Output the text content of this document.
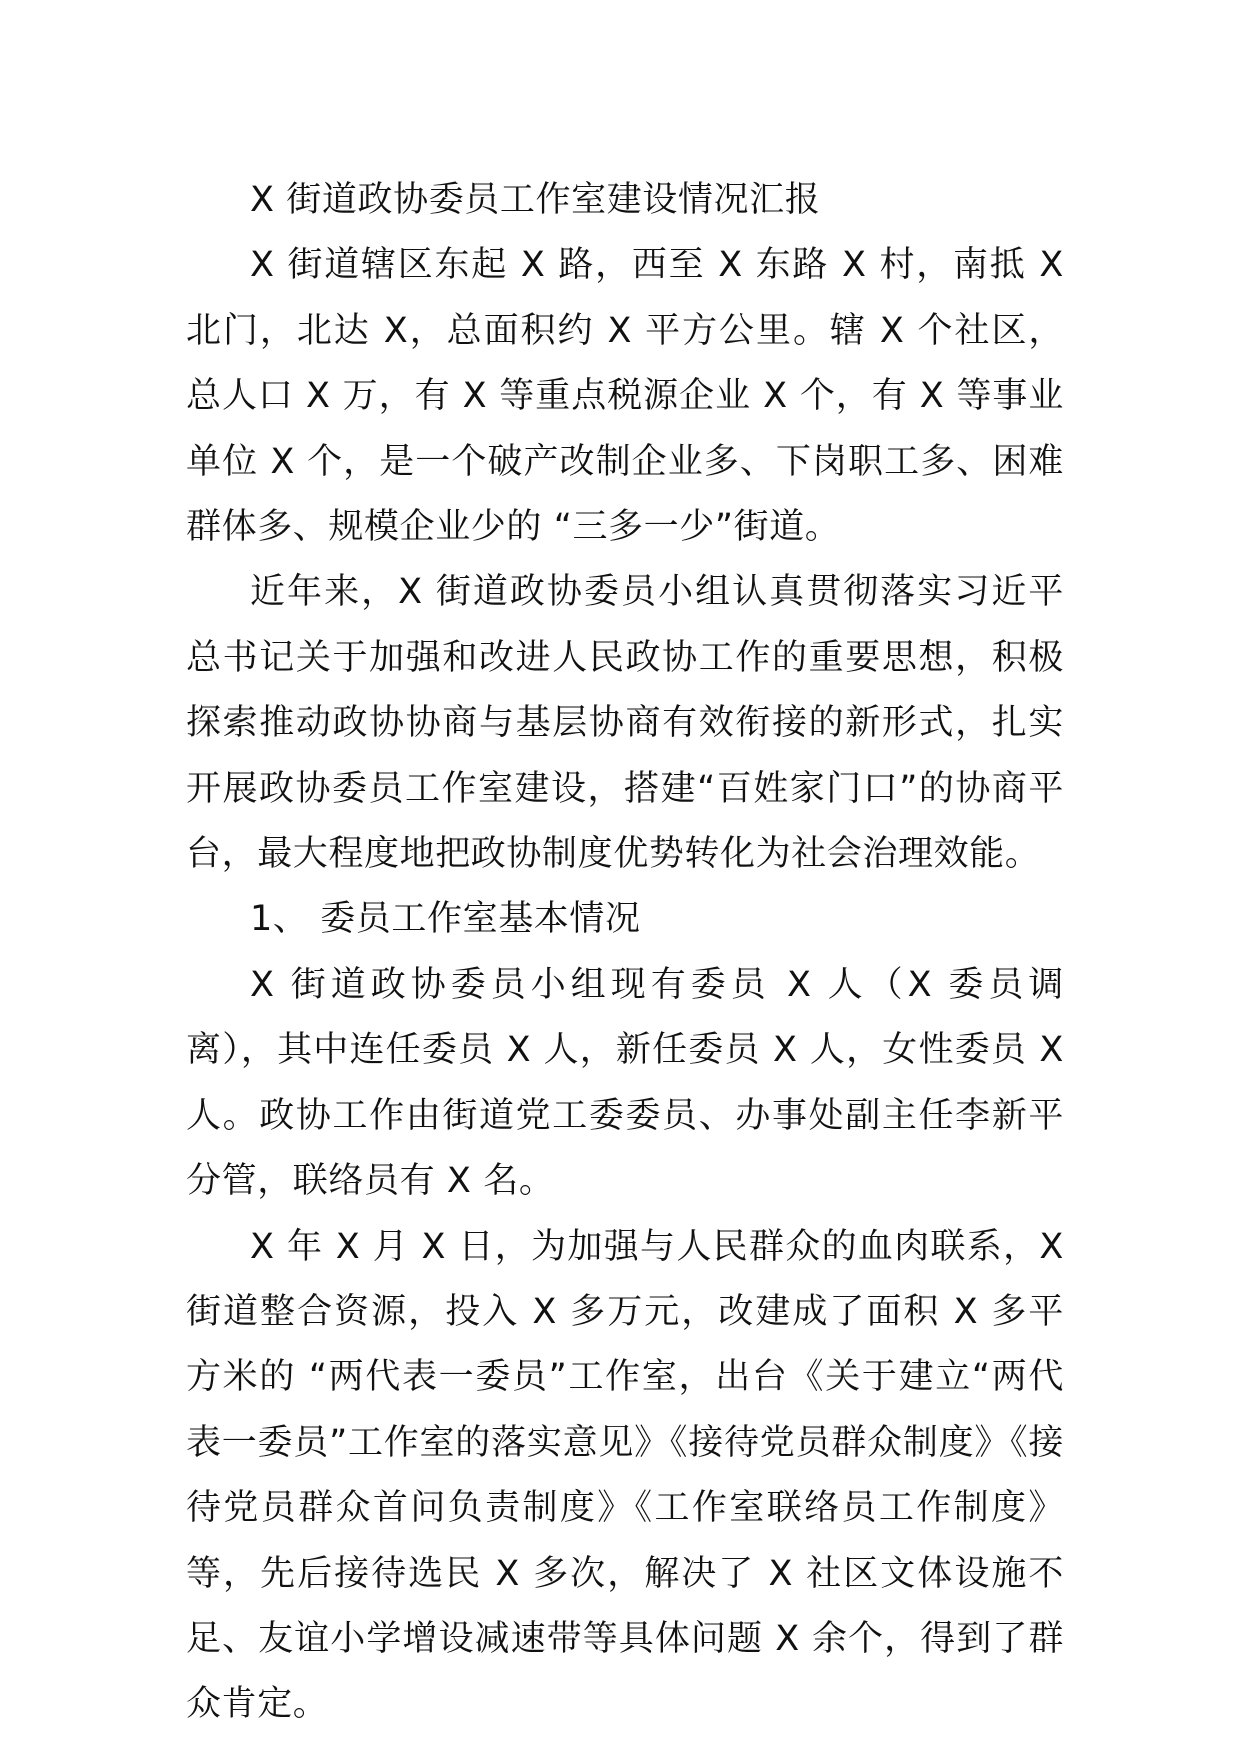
X 街道政协委员工作室建设情况汇报

X 街道辖区东起 X 路，西至 X 东路 X 村，南抵 X 北门，北达 X，总面积约 X 平方公里。辖 X 个社区，总人口 X 万，有 X 等重点税源企业 X 个，有 X 等事业单位 X 个，是一个破产改制企业多、下岗职工多、困难群体多、规模企业少的 “三多一少”街道。

近年来，X 街道政协委员小组认真贯彻落实习近平总书记关于加强和改进人民政协工作的重要思想，积极探索推动政协协商与基层协商有效衔接的新形式，扎实开展政协委员工作室建设，搭建“百姓家门口”的协商平台，最大程度地把政协制度优势转化为社会治理效能。

1、 委员工作室基本情况

X 街道政协委员小组现有委员 X 人（X 委员调离），其中连任委员 X 人，新任委员 X 人，女性委员 X 人。政协工作由街道党工委委员、办事处副主任李新平分管，联络员有 X 名。

X 年 X 月 X 日，为加强与人民群众的血肉联系，X 街道整合资源，投入 X 多万元，改建成了面积 X 多平方米的 “两代表一委员”工作室，出台《关于建立“两代表一委员”工作室的落实意见》《接待党员群众制度》《接待党员群众首问负责制度》《工作室联络员工作制度》等，先后接待选民 X 多次，解决了 X 社区文体设施不足、友谊小学增设减速带等具体问题 X 余个，得到了群众肯定。
